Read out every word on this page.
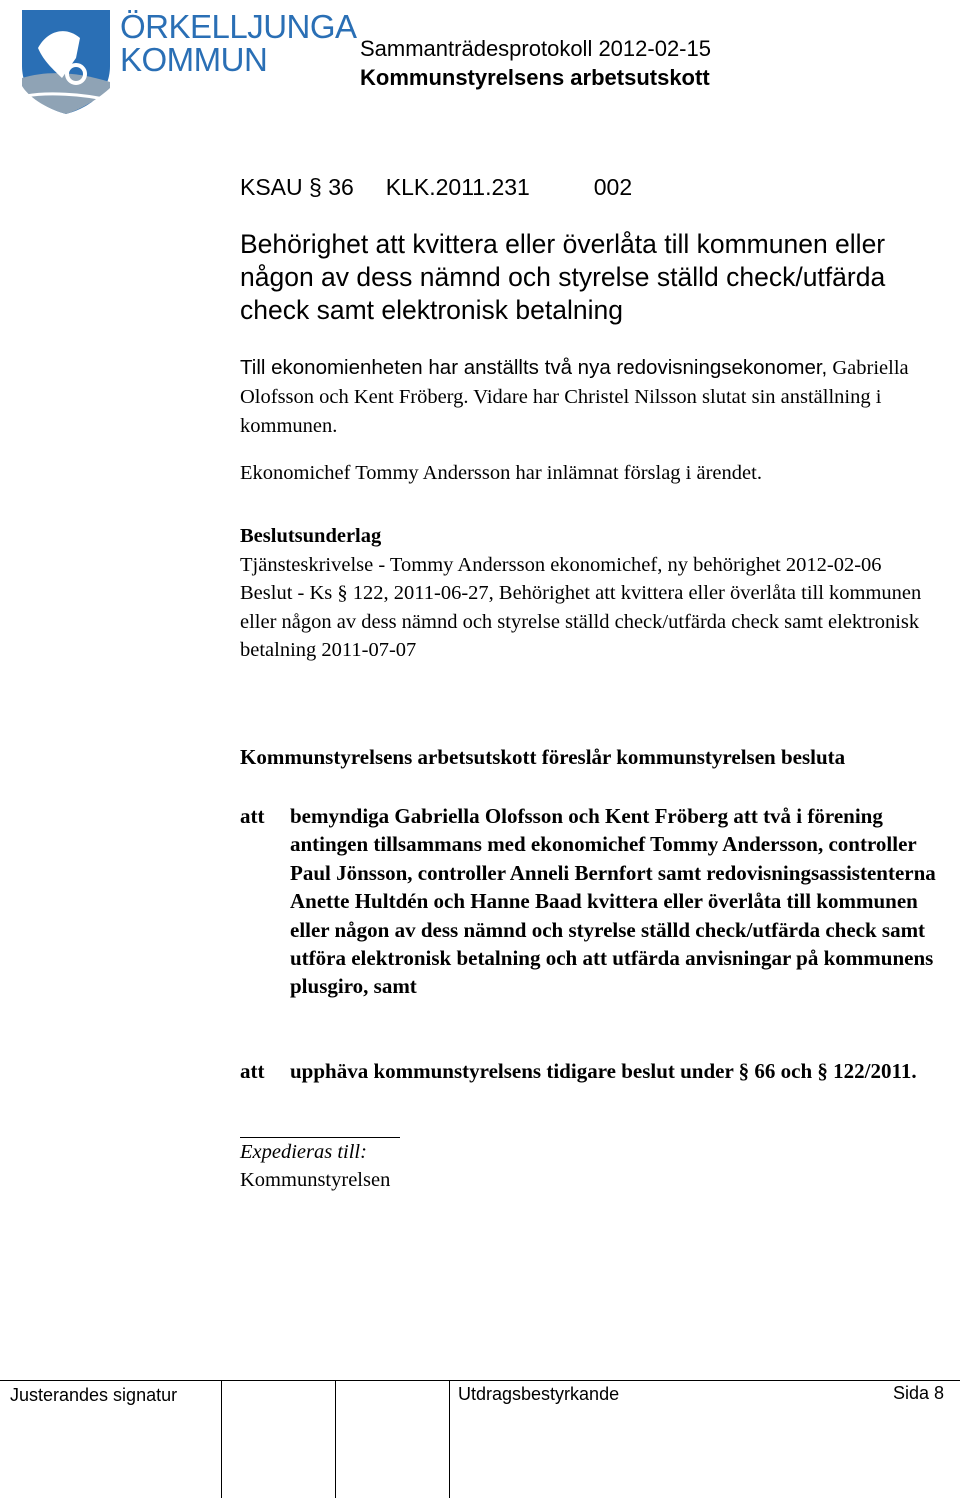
ÖRKELLJUNGA
KOMMUN	Sammanträdesprotokoll 2012-02-15
Kommunstyrelsens arbetsutskott
KSAU § 36 KLK.2011.231	002
Behörighet att kvittera eller överlåta till kommunen eller någon av dess nämnd och styrelse ställd check/utfärda check samt elektronisk betalning
Till ekonomienheten har anställts två nya redovisningsekonomer, Gabriella Olofsson och Kent Fröberg. Vidare har Christel Nilsson slutat sin anställning i kommunen.
Ekonomichef Tommy Andersson har inlämnat förslag i ärendet.
Beslutsunderlag
Tjänsteskrivelse - Tommy Andersson ekonomichef, ny behörighet 2012-02-06
Beslut - Ks § 122, 2011-06-27, Behörighet att kvittera eller överlåta till kommunen eller någon av dess nämnd och styrelse ställd check/utfärda check samt elektronisk betalning 2011-07-07
Kommunstyrelsens arbetsutskott föreslår kommunstyrelsen besluta
att bemyndiga Gabriella Olofsson och Kent Fröberg att två i förening antingen tillsammans med ekonomichef Tommy Andersson, controller Paul Jönsson, controller Anneli Bernfort samt redovisningsassistenterna Anette Hultdén och Hanne Baad kvittera eller överlåta till kommunen eller någon av dess nämnd och styrelse ställd check/utfärda check samt utföra elektronisk betalning och att utfärda anvisningar på kommunens plusgiro, samt
att upphäva kommunstyrelsens tidigare beslut under § 66 och § 122/2011.
Expedieras till:
Kommunstyrelsen
Justerandes signatur	Utdragsbestyrkande	Sida 8
